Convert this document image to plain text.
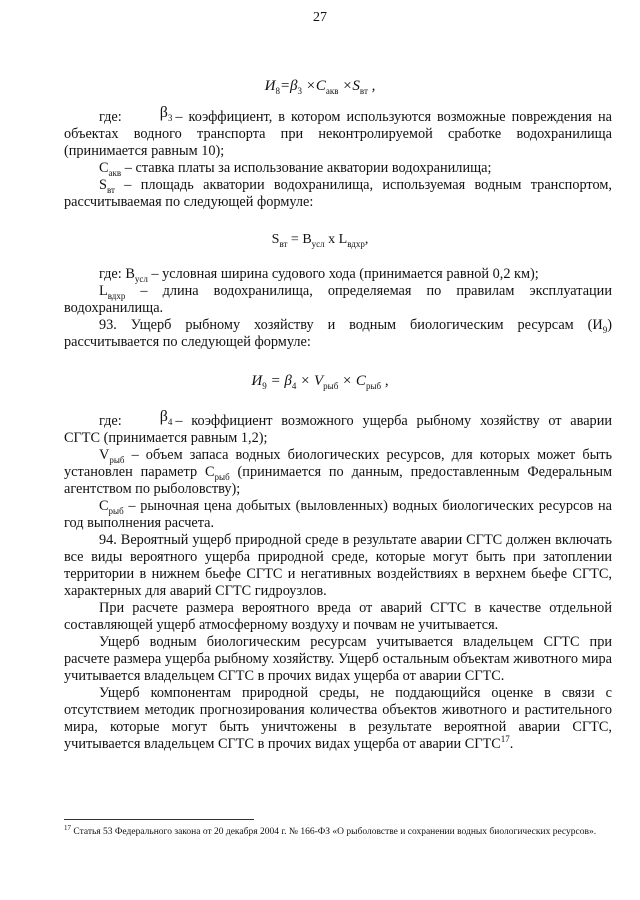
27
$И_8=\beta_3 \times С_{акв} \times S_{вт}$ ,

где: $\beta_3$ – коэффициент, в котором используются возможные повреждения на объектах водного транспорта при неконтролируемой сработке водохранилища (принимается равным 10);

$С_{акв}$ – ставка платы за использование акватории водохранилища;

$S_{вт}$ – площадь акватории водохранилища, используемая водным транспортом, рассчитываемая по следующей формуле:

$S_{вт} = В_{усл}$ x $L_{вдхр}$,

где: $В_{усл}$ – условная ширина судового хода (принимается равной 0,2 км);

$L_{вдхр}$ – длина водохранилища, определяемая по правилам эксплуатации водохранилища.

93. Ущерб рыбному хозяйству и водным биологическим ресурсам $(И_9)$ рассчитывается по следующей формуле:

$И_9 = \beta_4 \times V_{рыб} \times С_{рыб}$ ,

где: $\beta_4$ – коэффициент возможного ущерба рыбному хозяйству от аварии СГТС (принимается равным 1,2);

$V_{рыб}$ – объем запаса водных биологических ресурсов, для которых может быть установлен параметр $С_{рыб}$ (принимается по данным, предоставленным Федеральным агентством по рыболовству);

$С_{рыб}$ – рыночная цена добытых (выловленных) водных биологических ресурсов на год выполнения расчета.

94. Вероятный ущерб природной среде в результате аварии СГТС должен включать все виды вероятного ущерба природной среде, которые могут быть при затоплении территории в нижнем бьефе СГТС и негативных воздействиях в верхнем бьефе СГТС, характерных для аварий СГТС гидроузлов.

При расчете размера вероятного вреда от аварий СГТС в качестве отдельной составляющей ущерб атмосферному воздуху и почвам не учитывается.

Ущерб водным биологическим ресурсам учитывается владельцем СГТС при расчете размера ущерба рыбному хозяйству. Ущерб остальным объектам животного мира учитывается владельцем СГТС в прочих видах ущерба от аварии СГТС.

Ущерб компонентам природной среды, не поддающийся оценке в связи с отсутствием методик прогнозирования количества объектов животного и растительного мира, которые могут быть уничтожены в результате вероятной аварии СГТС, учитывается владельцем СГТС в прочих видах ущерба от аварии СГТС$^{17}$.

$^{17}$ Статья 53 Федерального закона от 20 декабря 2004 г. № 166-ФЗ «О рыболовстве и сохранении водных биологических ресурсов».
